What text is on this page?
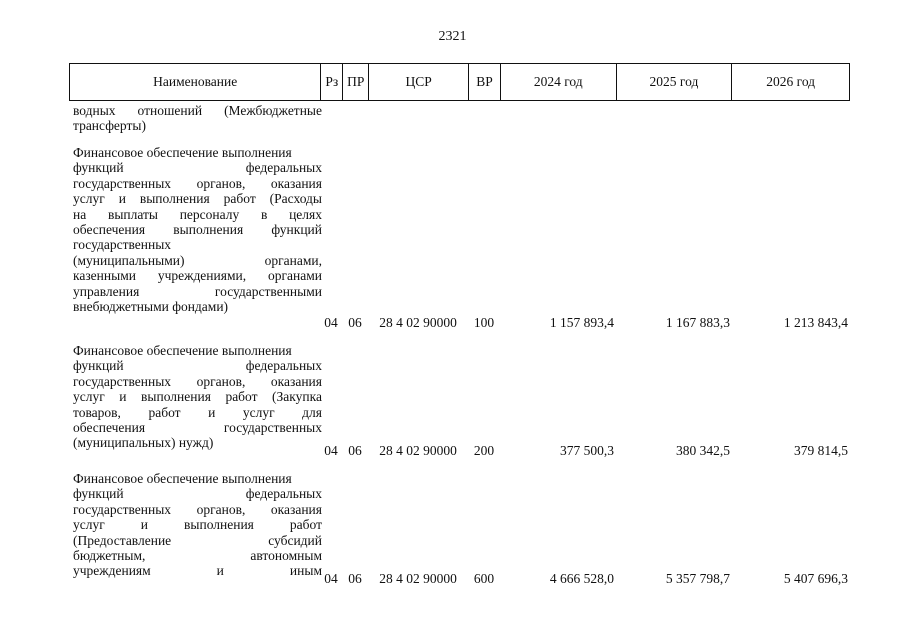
2321
Наименование	Рз ПР	ЦСР	ВР	2024 год	2025 год	2026 год
водных отношений (Межбюджетные
трансферты)
Финансовое обеспечение выполнения
функций федеральных
государственных органов, оказания
услуг и выполнения работ (Расходы
на выплаты персоналу в целях
обеспечения выполнения функций
государственных
(муниципальными) органами,
казенными учреждениями, органами
управления государственными
внебюджетными фондами)
04 06	28 4 02 90000	100	1 157 893,4	1 167 883,3	1 213 843,4
Финансовое обеспечение выполнения
функций федеральных
государственных органов, оказания
услуг и выполнения работ (Закупка
товаров, работ и услуг для
обеспечения государственных
(муниципальных) нужд)	04 06	28 4 02 90000	200	377 500,3	380 342,5	379 814,5
Финансовое обеспечение выполнения
функций федеральных
государственных органов, оказания
услуг и выполнения работ
(Предоставление субсидий
бюджетным, автономным
учреждениям и иным 04 06	28 4 02 90000	600	4 666 528,0	5 357 798,7	5 407 696,3
